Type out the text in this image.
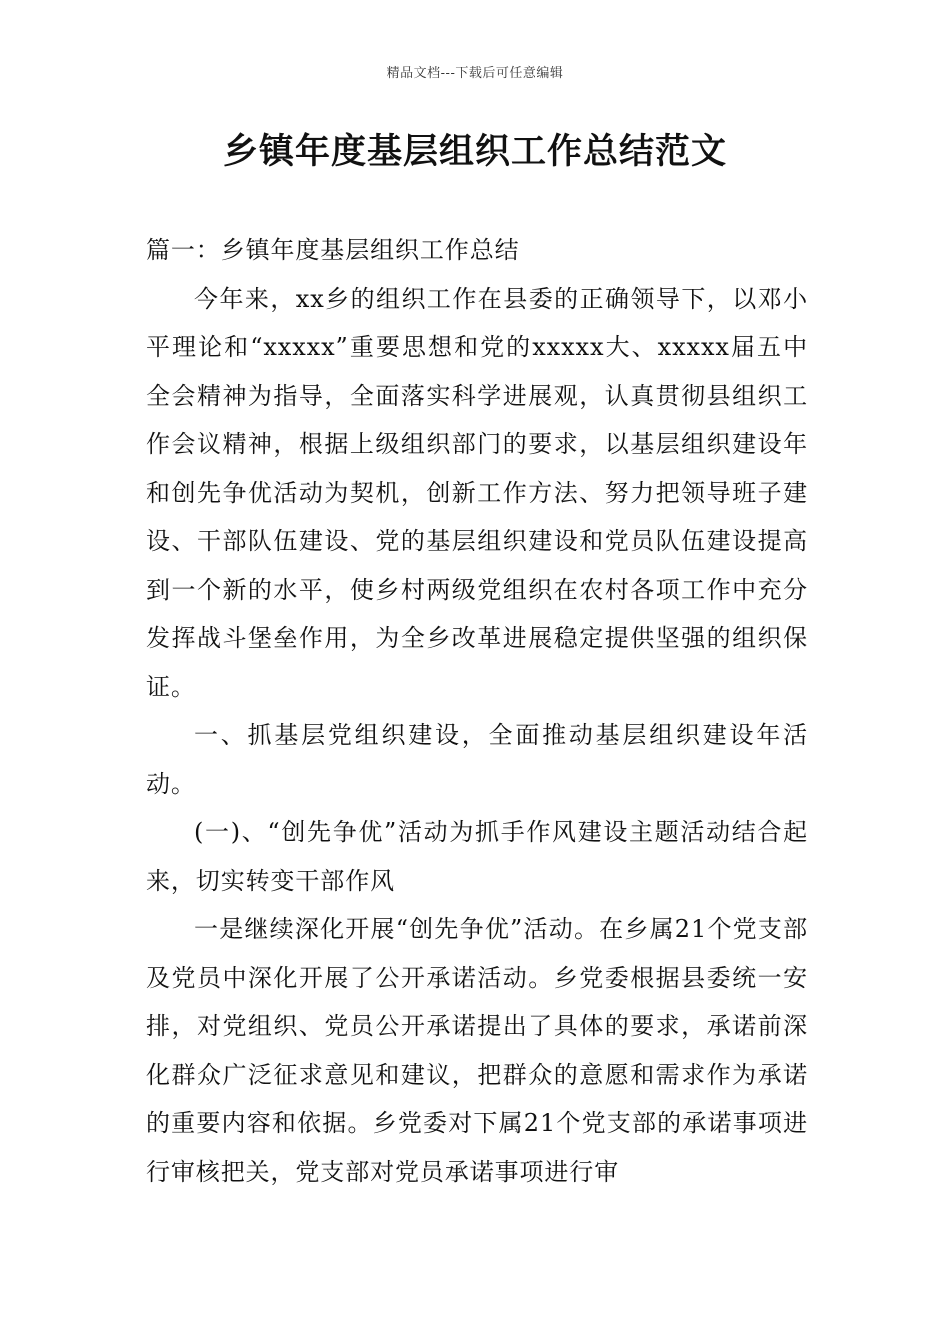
精品文档---下载后可任意编辑
乡镇年度基层组织工作总结范文

篇一：乡镇年度基层组织工作总结

今年来，xx乡的组织工作在县委的正确领导下，以邓小平理论和“xxxxx”重要思想和党的xxxxx大、xxxxx届五中全会精神为指导，全面落实科学进展观，认真贯彻县组织工作会议精神，根据上级组织部门的要求，以基层组织建设年和创先争优活动为契机，创新工作方法、努力把领导班子建设、干部队伍建设、党的基层组织建设和党员队伍建设提高到一个新的水平，使乡村两级党组织在农村各项工作中充分发挥战斗堡垒作用，为全乡改革进展稳定提供坚强的组织保证。

一、抓基层党组织建设，全面推动基层组织建设年活动。

(一)、“创先争优”活动为抓手作风建设主题活动结合起来，切实转变干部作风

一是继续深化开展“创先争优”活动。在乡属21个党支部及党员中深化开展了公开承诺活动。乡党委根据县委统一安排，对党组织、党员公开承诺提出了具体的要求，承诺前深化群众广泛征求意见和建议，把群众的意愿和需求作为承诺的重要内容和依据。乡党委对下属21个党支部的承诺事项进行审核把关，党支部对党员承诺事项进行审
